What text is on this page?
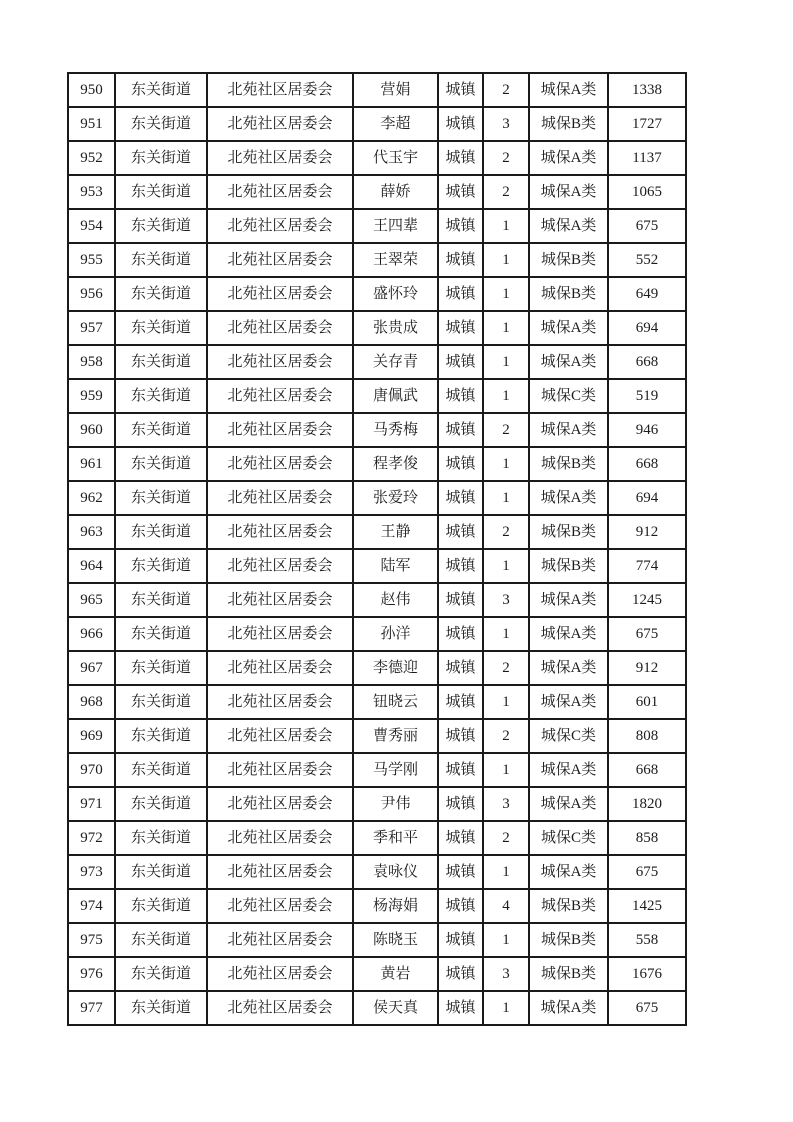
950	东关街道	北苑社区居委会	营娟	城镇	2	城保A类	1338
951	东关街道	北苑社区居委会	李超	城镇	3	城保B类	1727
952	东关街道	北苑社区居委会	代玉宇	城镇	2	城保A类	1137
953	东关街道	北苑社区居委会	薛娇	城镇	2	城保A类	1065
954	东关街道	北苑社区居委会	王四辈	城镇	1	城保A类	675
955	东关街道	北苑社区居委会	王翠荣	城镇	1	城保B类	552
956	东关街道	北苑社区居委会	盛怀玲	城镇	1	城保B类	649
957	东关街道	北苑社区居委会	张贵成	城镇	1	城保A类	694
958	东关街道	北苑社区居委会	关存青	城镇	1	城保A类	668
959	东关街道	北苑社区居委会	唐佩武	城镇	1	城保C类	519
960	东关街道	北苑社区居委会	马秀梅	城镇	2	城保A类	946
961	东关街道	北苑社区居委会	程孝俊	城镇	1	城保B类	668
962	东关街道	北苑社区居委会	张爱玲	城镇	1	城保A类	694
963	东关街道	北苑社区居委会	王静	城镇	2	城保B类	912
964	东关街道	北苑社区居委会	陆军	城镇	1	城保B类	774
965	东关街道	北苑社区居委会	赵伟	城镇	3	城保A类	1245
966	东关街道	北苑社区居委会	孙洋	城镇	1	城保A类	675
967	东关街道	北苑社区居委会	李德迎	城镇	2	城保A类	912
968	东关街道	北苑社区居委会	钮晓云	城镇	1	城保A类	601
969	东关街道	北苑社区居委会	曹秀丽	城镇	2	城保C类	808
970	东关街道	北苑社区居委会	马学刚	城镇	1	城保A类	668
971	东关街道	北苑社区居委会	尹伟	城镇	3	城保A类	1820
972	东关街道	北苑社区居委会	季和平	城镇	2	城保C类	858
973	东关街道	北苑社区居委会	袁咏仪	城镇	1	城保A类	675
974	东关街道	北苑社区居委会	杨海娟	城镇	4	城保B类	1425
975	东关街道	北苑社区居委会	陈晓玉	城镇	1	城保B类	558
976	东关街道	北苑社区居委会	黄岩	城镇	3	城保B类	1676
977	东关街道	北苑社区居委会	侯天真	城镇	1	城保A类	675
